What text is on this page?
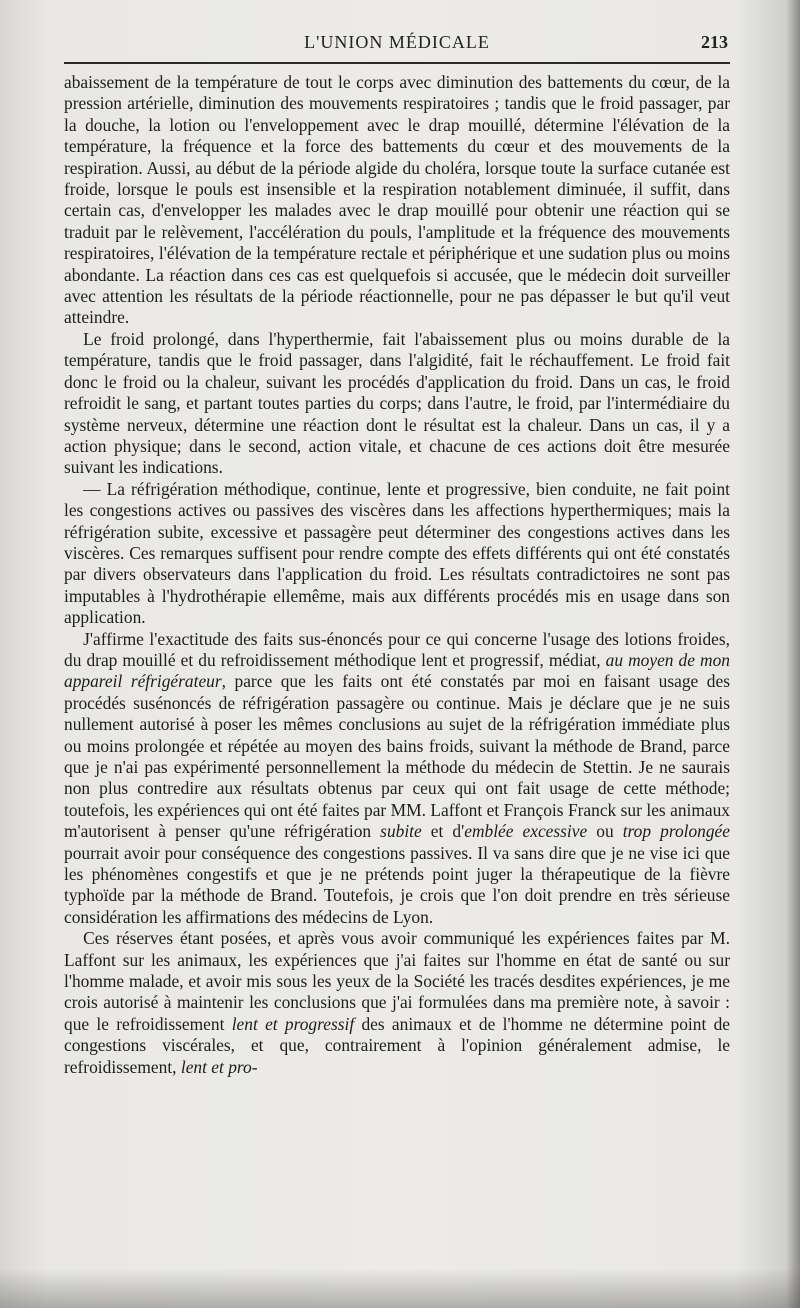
L'UNION MÉDICALE	213

abaissement de la température de tout le corps avec diminution des battements du cœur, de la pression artérielle, diminution des mouvements respiratoires ; tandis que le froid passager, par la douche, la lotion ou l'enveloppement avec le drap mouillé, détermine l'élévation de la température, la fréquence et la force des battements du cœur et des mouvements de la respiration. Aussi, au début de la période algide du choléra, lorsque toute la surface cutanée est froide, lorsque le pouls est insensible et la respiration notablement diminuée, il suffit, dans certain cas, d'envelopper les malades avec le drap mouillé pour obtenir une réaction qui se traduit par le relèvement, l'accélération du pouls, l'amplitude et la fréquence des mouvements respiratoires, l'élévation de la température rectale et périphérique et une sudation plus ou moins abondante. La réaction dans ces cas est quelquefois si accusée, que le médecin doit surveiller avec attention les résultats de la période réactionnelle, pour ne pas dépasser le but qu'il veut atteindre.

Le froid prolongé, dans l'hyperthermie, fait l'abaissement plus ou moins durable de la température, tandis que le froid passager, dans l'algidité, fait le réchauffement. Le froid fait donc le froid ou la chaleur, suivant les procédés d'application du froid. Dans un cas, le froid refroidit le sang, et partant toutes parties du corps; dans l'autre, le froid, par l'intermédiaire du système nerveux, détermine une réaction dont le résultat est la chaleur. Dans un cas, il y a action physique; dans le second, action vitale, et chacune de ces actions doit être mesurée suivant les indications.

— La réfrigération méthodique, continue, lente et progressive, bien conduite, ne fait point les congestions actives ou passives des viscères dans les affections hyperthermiques; mais la réfrigération subite, excessive et passagère peut déterminer des congestions actives dans les viscères. Ces remarques suffisent pour rendre compte des effets différents qui ont été constatés par divers observateurs dans l'application du froid. Les résultats contradictoires ne sont pas imputables à l'hydrothérapie ellemême, mais aux différents procédés mis en usage dans son application.

J'affirme l'exactitude des faits sus-énoncés pour ce qui concerne l'usage des lotions froides, du drap mouillé et du refroidissement méthodique lent et progressif, médiat, au moyen de mon appareil réfrigérateur, parce que les faits ont été constatés par moi en faisant usage des procédés susénoncés de réfrigération passagère ou continue. Mais je déclare que je ne suis nullement autorisé à poser les mêmes conclusions au sujet de la réfrigération immédiate plus ou moins prolongée et répétée au moyen des bains froids, suivant la méthode de Brand, parce que je n'ai pas expérimenté personnellement la méthode du médecin de Stettin. Je ne saurais non plus contredire aux résultats obtenus par ceux qui ont fait usage de cette méthode; toutefois, les expériences qui ont été faites par MM. Laffont et François Franck sur les animaux m'autorisent à penser qu'une réfrigération subite et d'emblée excessive ou trop prolongée pourrait avoir pour conséquence des congestions passives. Il va sans dire que je ne vise ici que les phénomènes congestifs et que je ne prétends point juger la thérapeutique de la fièvre typhoïde par la méthode de Brand. Toutefois, je crois que l'on doit prendre en très sérieuse considération les affirmations des médecins de Lyon.

Ces réserves étant posées, et après vous avoir communiqué les expériences faites par M. Laffont sur les animaux, les expériences que j'ai faites sur l'homme en état de santé ou sur l'homme malade, et avoir mis sous les yeux de la Société les tracés desdites expériences, je me crois autorisé à maintenir les conclusions que j'ai formulées dans ma première note, à savoir : que le refroidissement lent et progressif des animaux et de l'homme ne détermine point de congestions viscérales, et que, contrairement à l'opinion généralement admise, le refroidissement, lent et pro-
